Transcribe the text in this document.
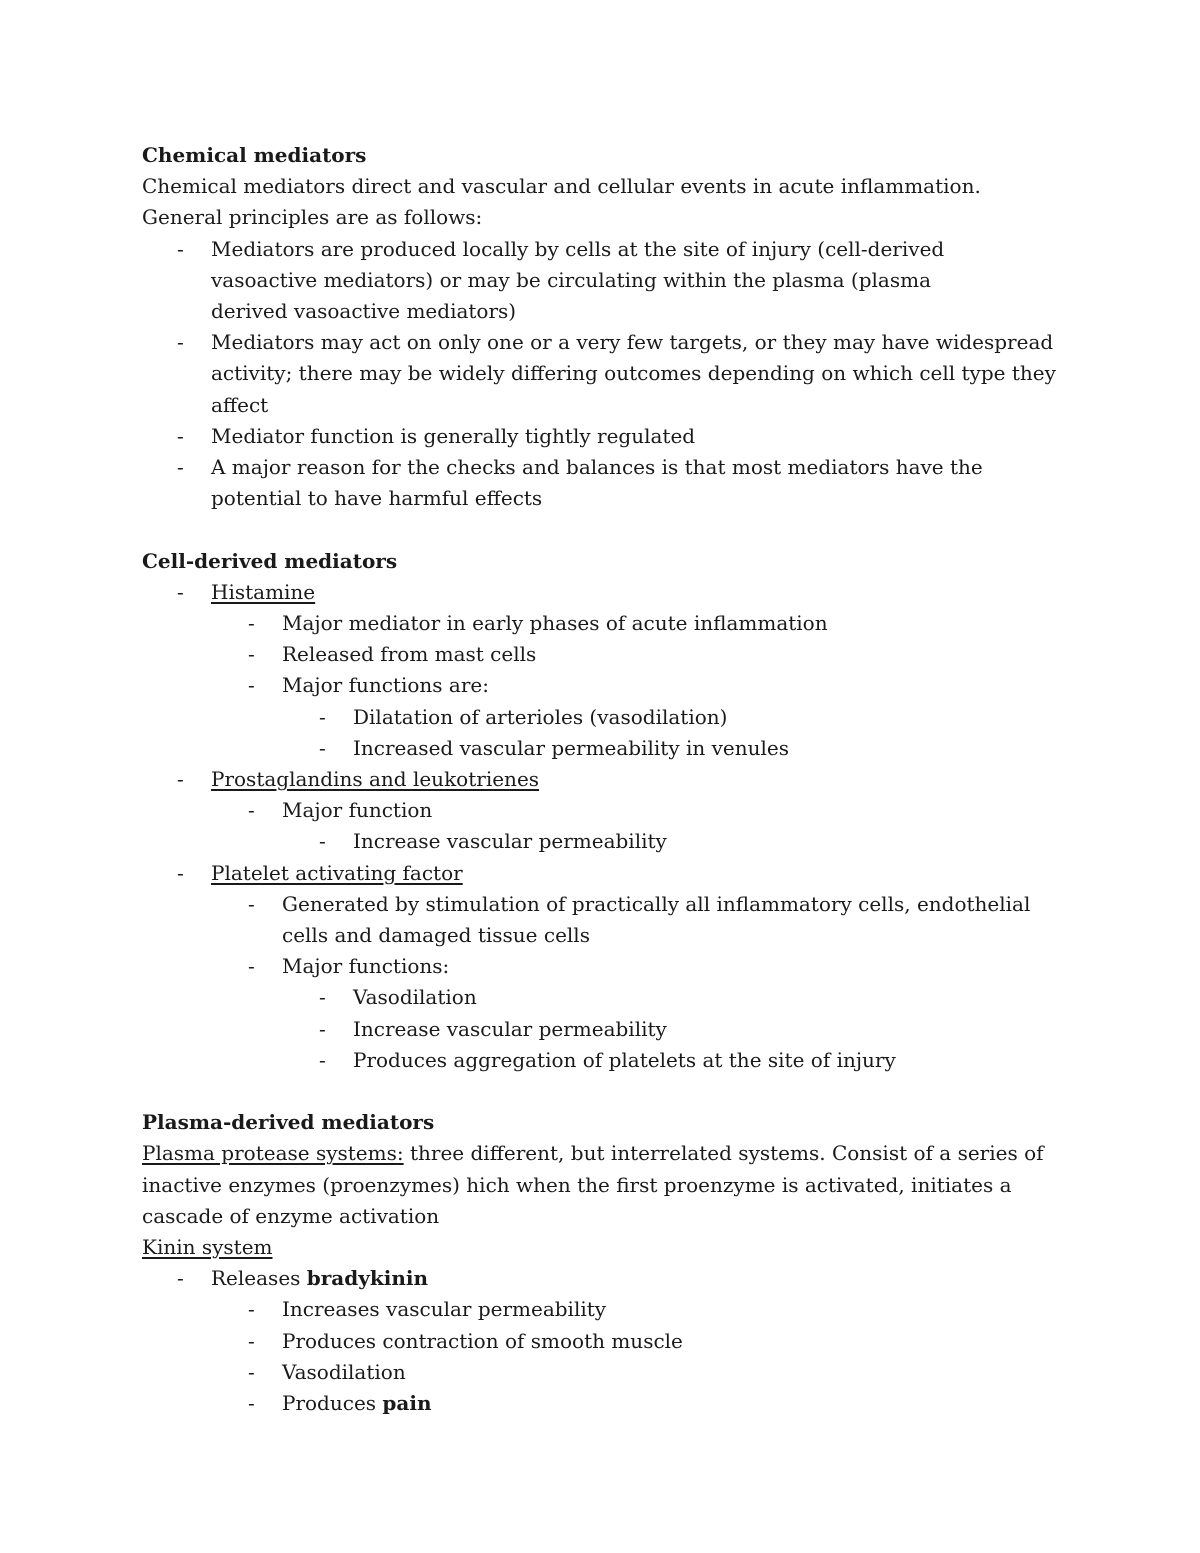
Chemical mediators
Chemical mediators direct and vascular and cellular events in acute inflammation.
General principles are as follows:
- Mediators are produced locally by cells at the site of injury (cell-derived vasoactive mediators) or may be circulating within the plasma (plasma derived vasoactive mediators)
- Mediators may act on only one or a very few targets, or they may have widespread activity; there may be widely differing outcomes depending on which cell type they affect
- Mediator function is generally tightly regulated
- A major reason for the checks and balances is that most mediators have the potential to have harmful effects
Cell-derived mediators
- Histamine
- Major mediator in early phases of acute inflammation
- Released from mast cells
- Major functions are:
- Dilatation of arterioles (vasodilation)
- Increased vascular permeability in venules
- Prostaglandins and leukotrienes
- Major function
- Increase vascular permeability
- Platelet activating factor
- Generated by stimulation of practically all inflammatory cells, endothelial cells and damaged tissue cells
- Major functions:
- Vasodilation
- Increase vascular permeability
- Produces aggregation of platelets at the site of injury
Plasma-derived mediators
Plasma protease systems: three different, but interrelated systems. Consist of a series of inactive enzymes (proenzymes) hich when the first proenzyme is activated, initiates a cascade of enzyme activation
Kinin system
- Releases bradykinin
- Increases vascular permeability
- Produces contraction of smooth muscle
- Vasodilation
- Produces pain
